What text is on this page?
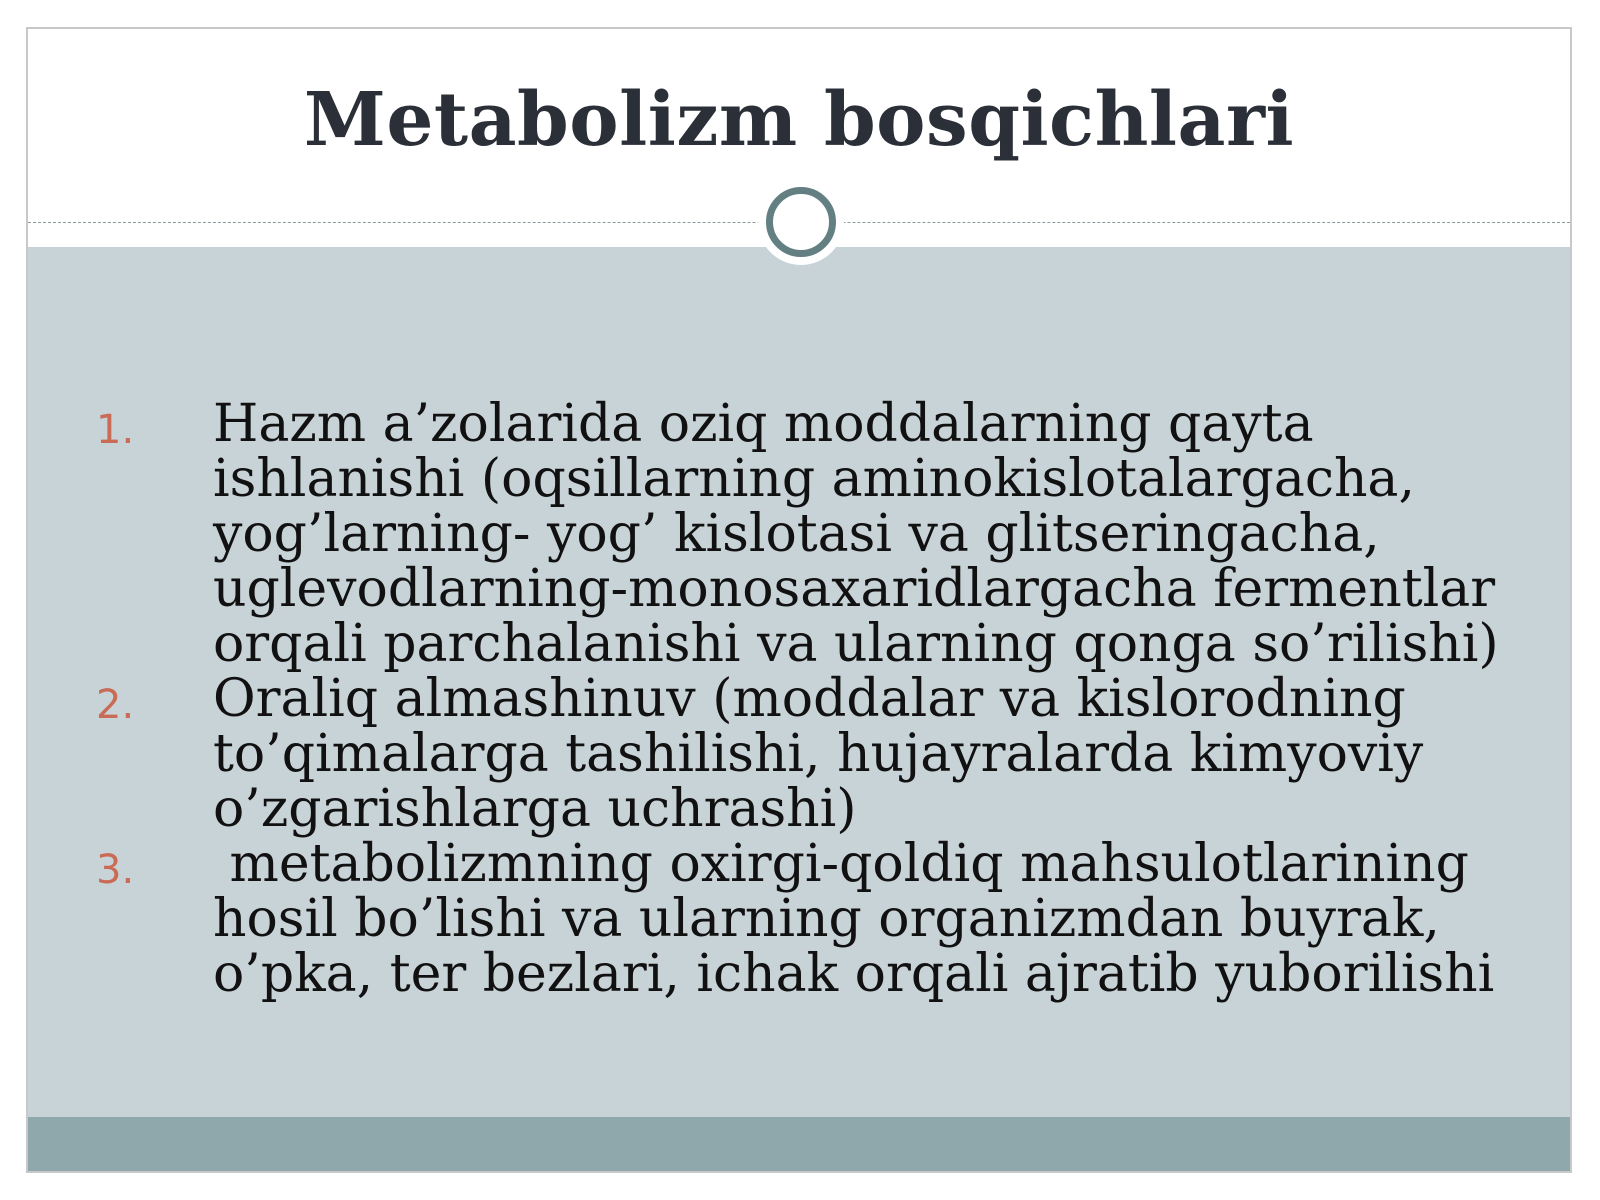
Metabolizm bosqichlari
1. Hazm a’zolarida oziq moddalarning qayta ishlanishi (oqsillarning aminokislotalargacha, yog’larning- yog’ kislotasi va glitseringacha, uglevodlarning-monosaxaridlargacha fermentlar orqali parchalanishi va ularning qonga so’rilishi)
2. Oraliq almashinuv (moddalar va kislorodning to’qimalarga tashilishi, hujayralarda kimyoviy o’zgarishlarga uchrashi)
3. metabolizmning oxirgi-qoldiq mahsulotlarining hosil bo’lishi va ularning organizmdan buyrak, o’pka, ter bezlari, ichak orqali ajratib yuborilishi
